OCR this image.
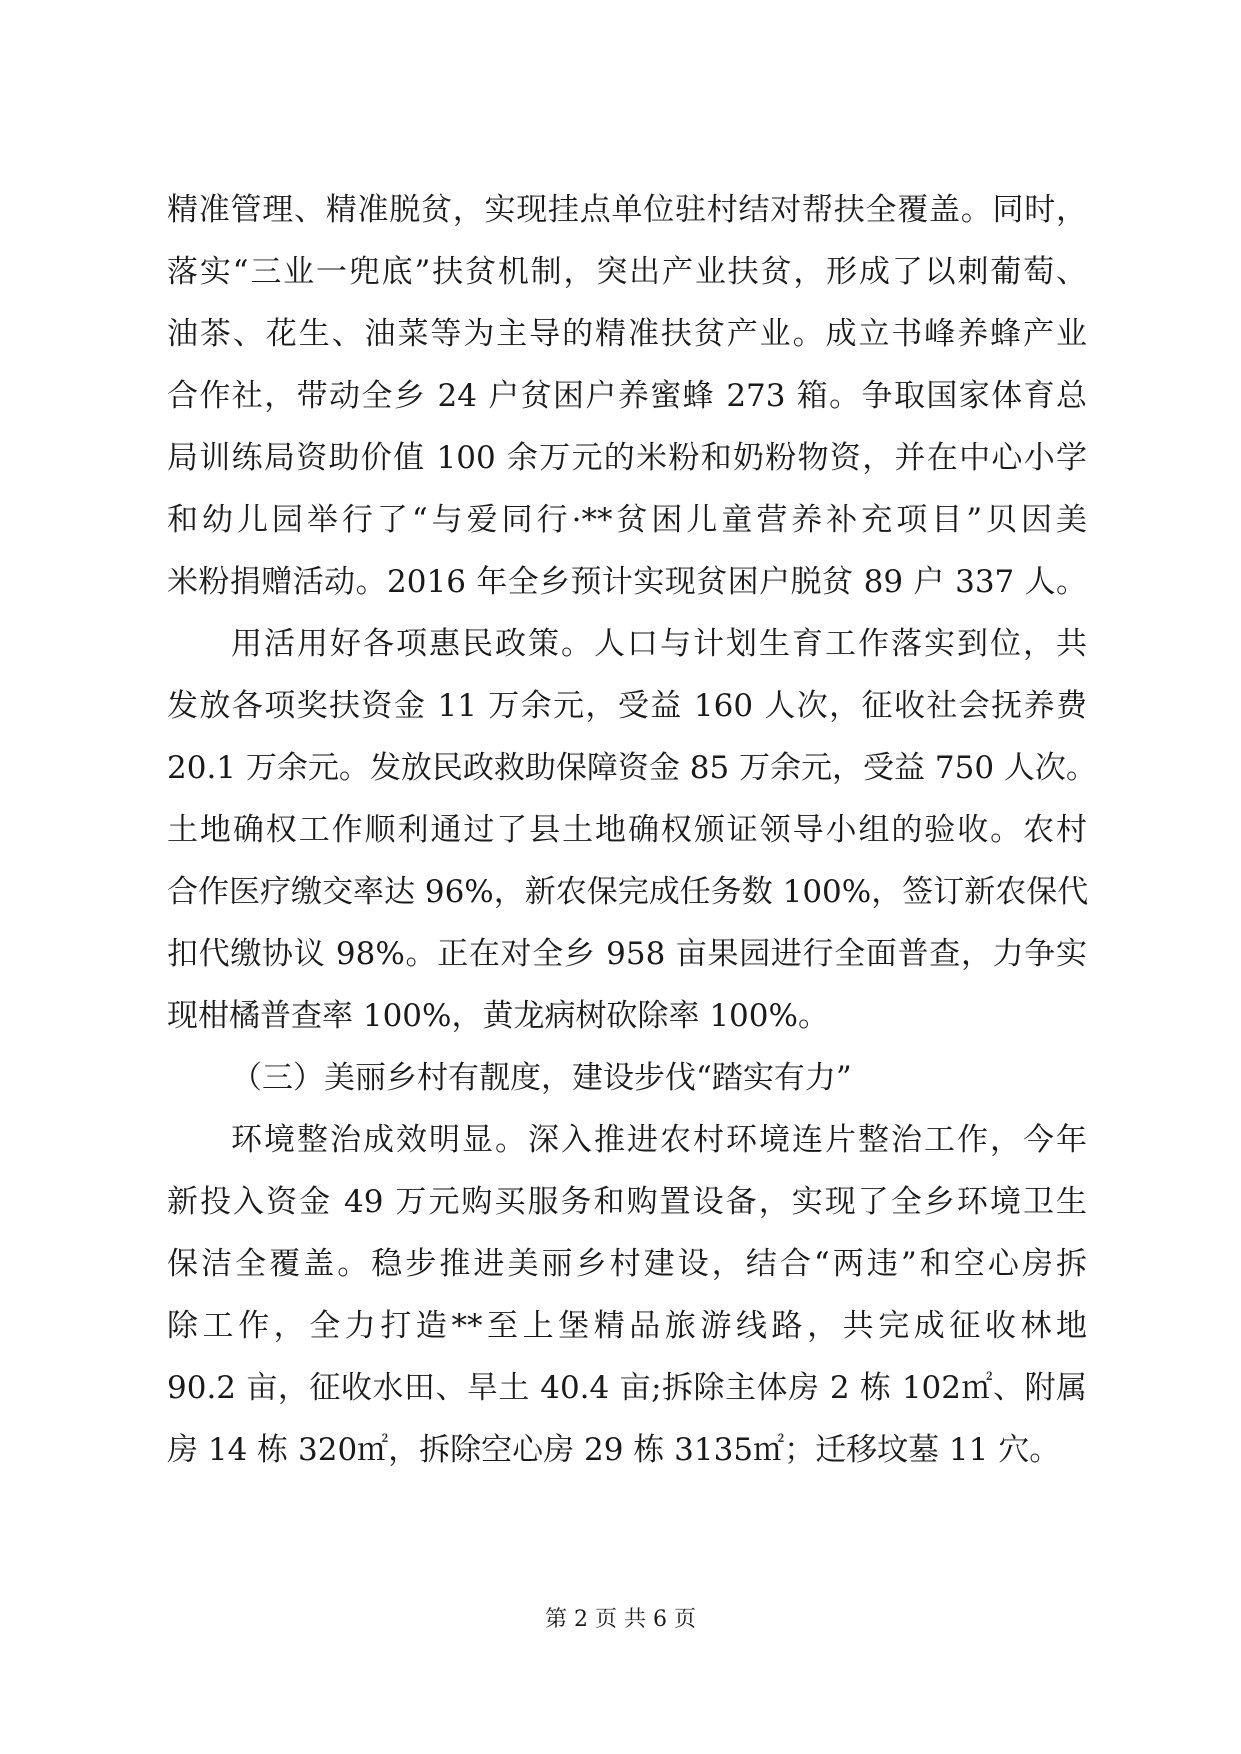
精准管理、精准脱贫，实现挂点单位驻村结对帮扶全覆盖。同时，
落实“三业一兜底”扶贫机制，突出产业扶贫，形成了以刺葡萄、
油茶、花生、油菜等为主导的精准扶贫产业。成立书峰养蜂产业
合作社，带动全乡 24 户贫困户养蜜蜂 273 箱。争取国家体育总
局训练局资助价值 100 余万元的米粉和奶粉物资，并在中心小学
和幼儿园举行了“与爱同行·**贫困儿童营养补充项目”贝因美
米粉捐赠活动。2016 年全乡预计实现贫困户脱贫 89 户 337 人。
用活用好各项惠民政策。人口与计划生育工作落实到位，共
发放各项奖扶资金 11 万余元，受益 160 人次，征收社会抚养费
20.1 万余元。发放民政救助保障资金 85 万余元，受益 750 人次。
土地确权工作顺利通过了县土地确权颁证领导小组的验收。农村
合作医疗缴交率达 96%，新农保完成任务数 100%，签订新农保代
扣代缴协议 98%。正在对全乡 958 亩果园进行全面普查，力争实
现柑橘普查率 100%，黄龙病树砍除率 100%。
（三）美丽乡村有靓度，建设步伐“踏实有力”
环境整治成效明显。深入推进农村环境连片整治工作，今年
新投入资金 49 万元购买服务和购置设备，实现了全乡环境卫生
保洁全覆盖。稳步推进美丽乡村建设，结合“两违”和空心房拆
除工作，全力打造**至上堡精品旅游线路，共完成征收林地
90.2 亩，征收水田、旱土 40.4 亩;拆除主体房 2 栋 102㎡、附属
房 14 栋 320㎡，拆除空心房 29 栋 3135㎡；迁移坟墓 11 穴。
第 2 页 共 6 页
